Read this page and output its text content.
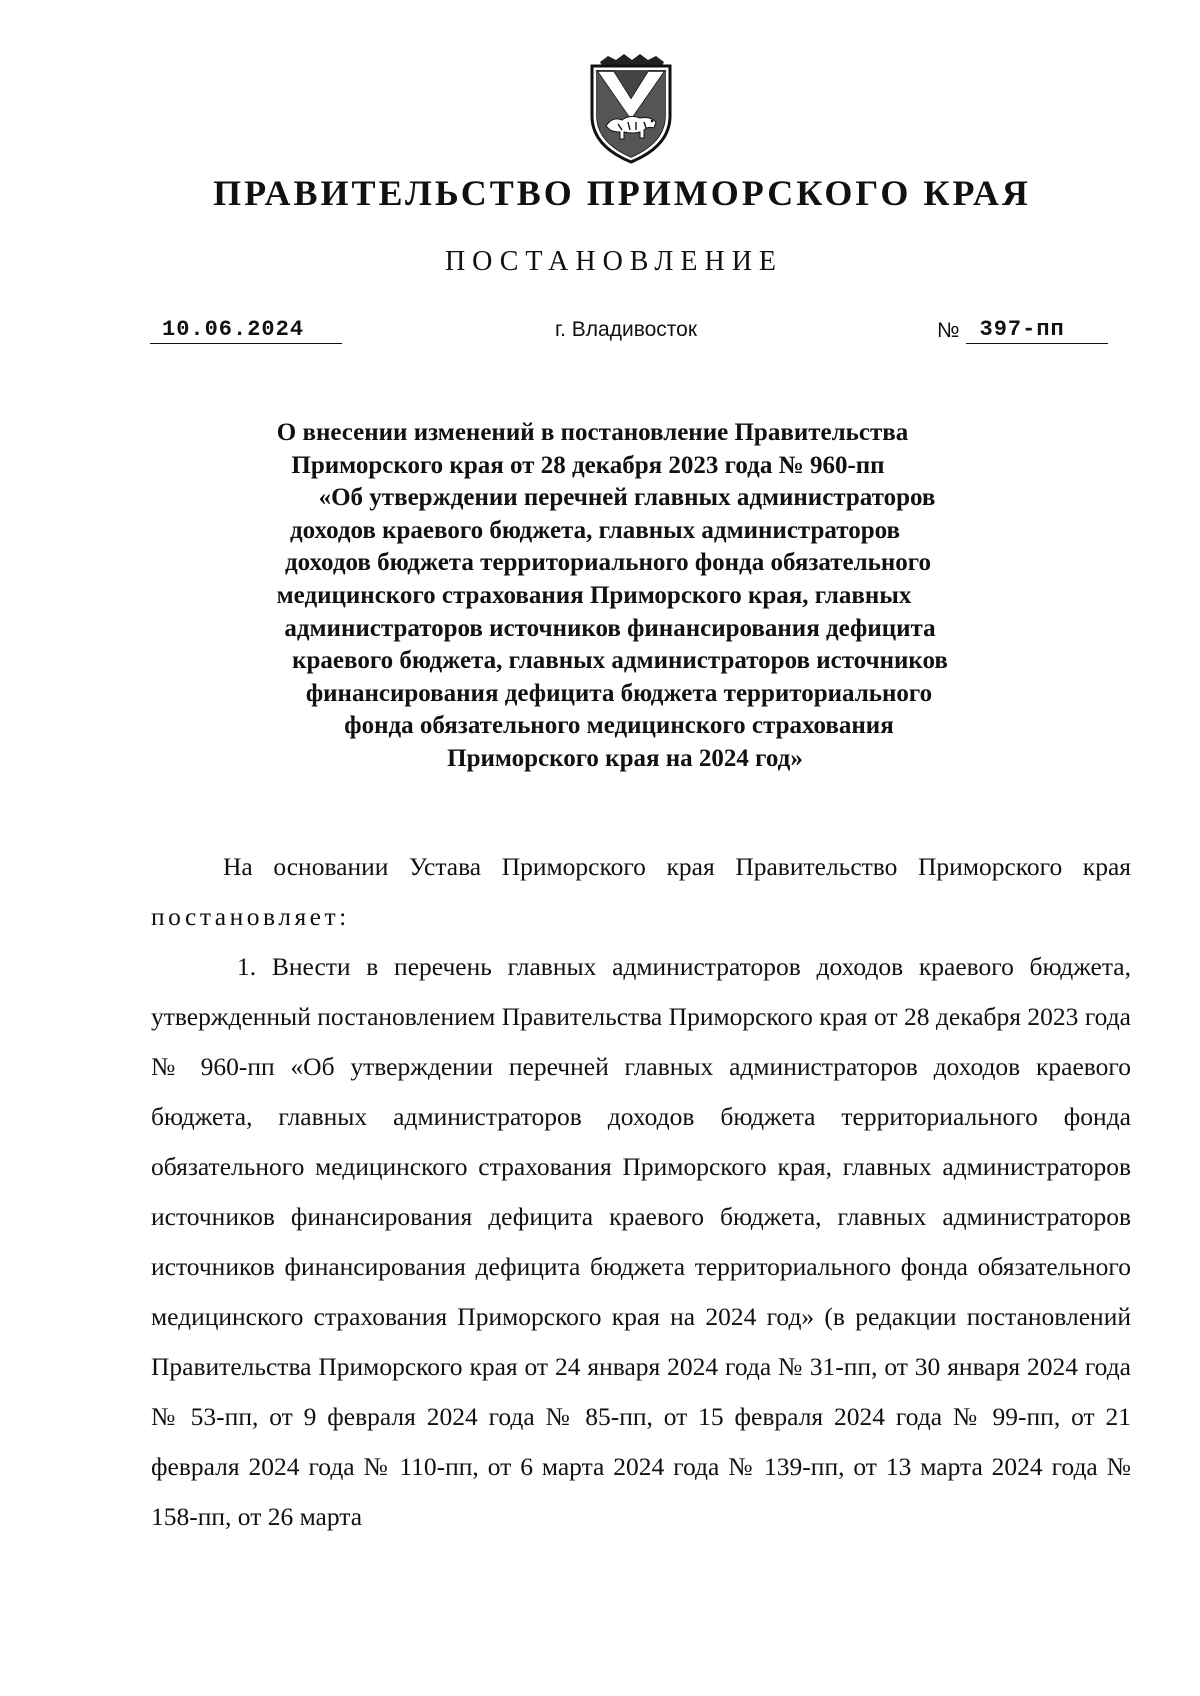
ПРАВИТЕЛЬСТВО ПРИМОРСКОГО КРАЯ
ПОСТАНОВЛЕНИЕ
10.06.2024	г. Владивосток	№ 397-пп
О внесении изменений в постановление Правительства
Приморского края от 28 декабря 2023 года № 960-пп
«Об утверждении перечней главных администраторов
доходов краевого бюджета, главных администраторов
доходов бюджета территориального фонда обязательного
медицинского страхования Приморского края, главных
администраторов источников финансирования дефицита
краевого бюджета, главных администраторов источников
финансирования дефицита бюджета территориального
фонда обязательного медицинского страхования
Приморского края на 2024 год»
На основании Устава Приморского края Правительство Приморского края постановляет:
1. Внести в перечень главных администраторов доходов краевого бюджета, утвержденный постановлением Правительства Приморского края от 28 декабря 2023 года № 960-пп «Об утверждении перечней главных администраторов доходов краевого бюджета, главных администраторов доходов бюджета территориального фонда обязательного медицинского страхования Приморского края, главных администраторов источников финансирования дефицита краевого бюджета, главных администраторов источников финансирования дефицита бюджета территориального фонда обязательного медицинского страхования Приморского края на 2024 год» (в редакции постановлений Правительства Приморского края от 24 января 2024 года № 31-пп, от 30 января 2024 года № 53-пп, от 9 февраля 2024 года № 85-пп, от 15 февраля 2024 года № 99-пп, от 21 февраля 2024 года № 110-пп, от 6 марта 2024 года № 139-пп, от 13 марта 2024 года № 158-пп, от 26 марта
